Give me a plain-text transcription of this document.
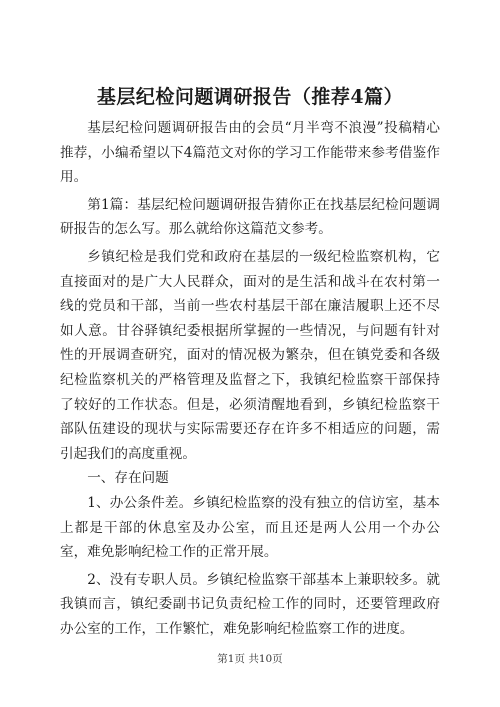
基层纪检问题调研报告（推荐4篇）

基层纪检问题调研报告由的会员“月半弯不浪漫”投稿精心推荐，小编希望以下4篇范文对你的学习工作能带来参考借鉴作用。

第1篇：基层纪检问题调研报告猜你正在找基层纪检问题调研报告的怎么写。那么就给你这篇范文参考。

乡镇纪检是我们党和政府在基层的一级纪检监察机构，它直接面对的是广大人民群众，面对的是生活和战斗在农村第一线的党员和干部，当前一些农村基层干部在廉洁履职上还不尽如人意。甘谷驿镇纪委根据所掌握的一些情况，与问题有针对性的开展调查研究，面对的情况极为繁杂，但在镇党委和各级纪检监察机关的严格管理及监督之下，我镇纪检监察干部保持了较好的工作状态。但是，必须清醒地看到，乡镇纪检监察干部队伍建设的现状与实际需要还存在许多不相适应的问题，需引起我们的高度重视。

一、存在问题

1、办公条件差。乡镇纪检监察的没有独立的信访室，基本上都是干部的休息室及办公室，而且还是两人公用一个办公室，难免影响纪检工作的正常开展。

2、没有专职人员。乡镇纪检监察干部基本上兼职较多。就我镇而言，镇纪委副书记负责纪检工作的同时，还要管理政府办公室的工作，工作繁忙，难免影响纪检监察工作的进度。

第1页 共10页
